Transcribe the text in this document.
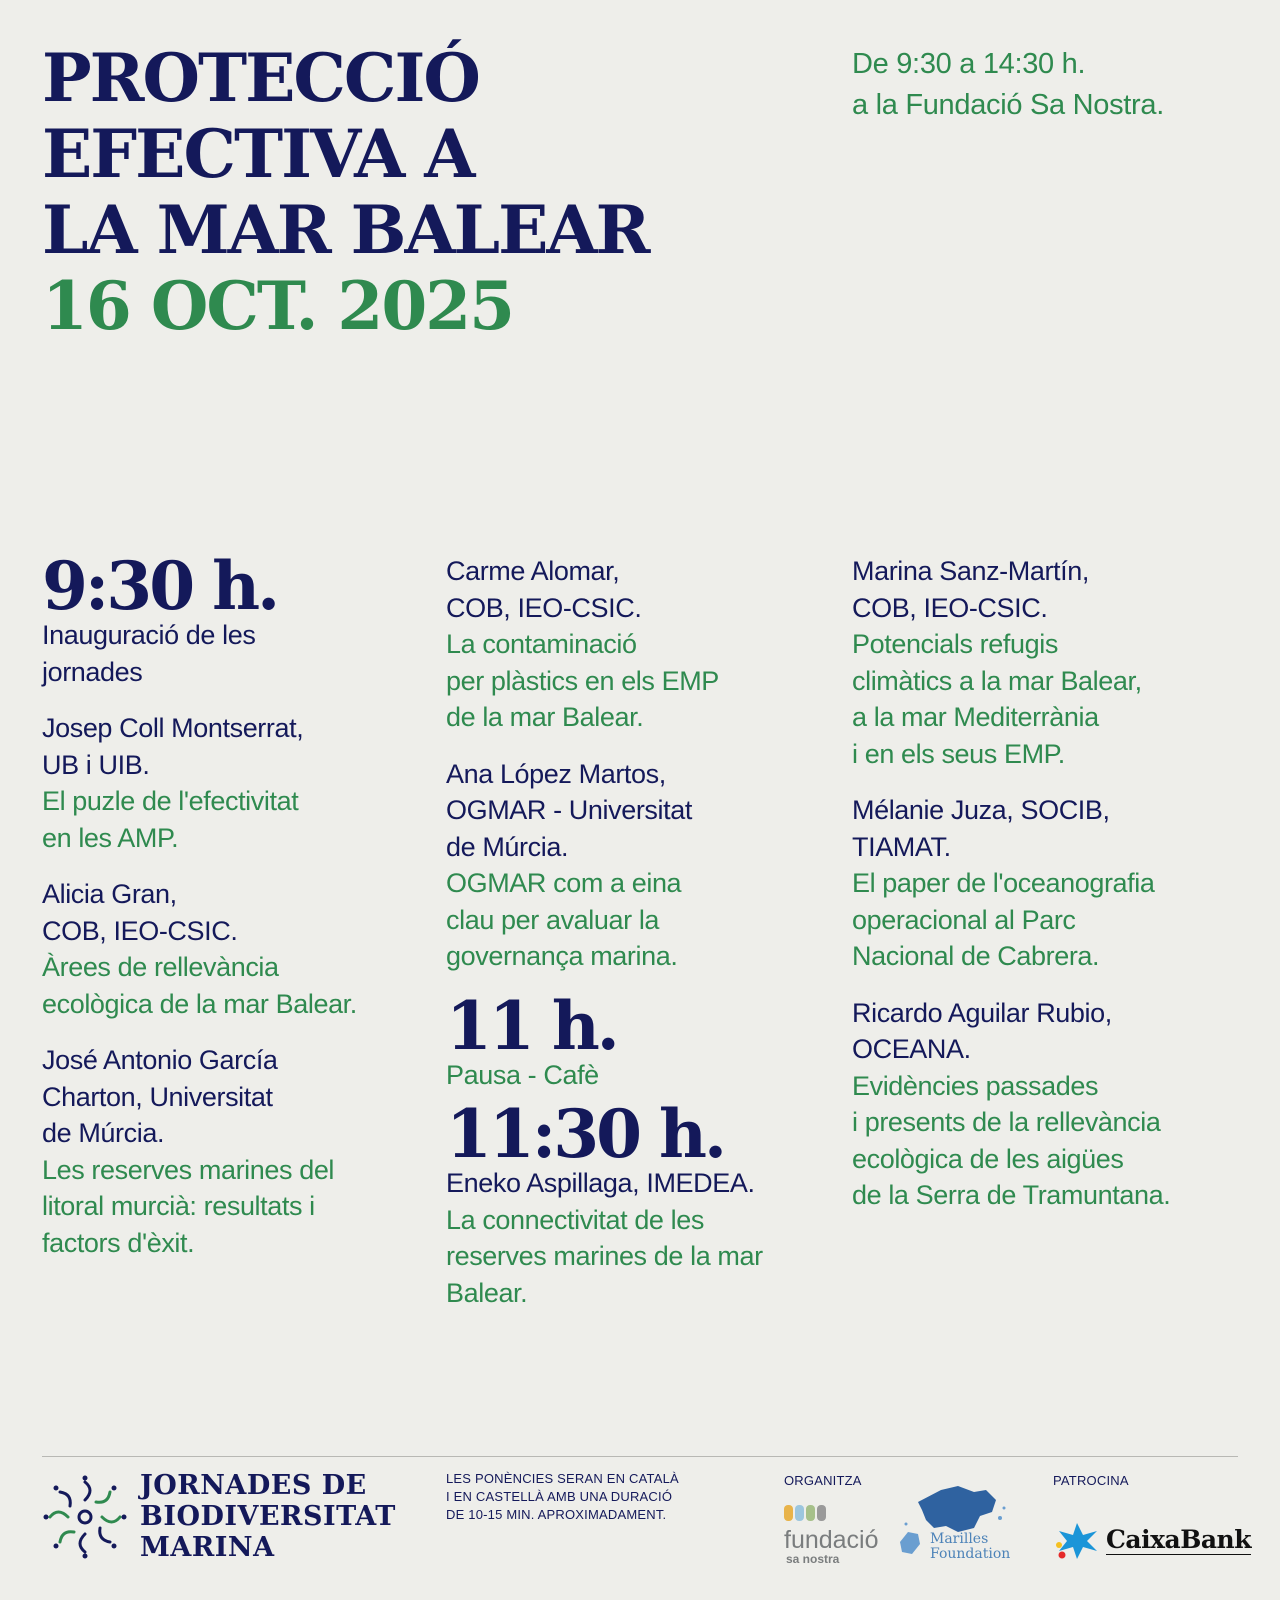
PROTECCIÓ
EFECTIVA A
LA MAR BALEAR
16 OCT. 2025
De 9:30 a 14:30 h.
a la Fundació Sa Nostra.
9:30 h.
Inauguració de les
jornades
Josep Coll Montserrat,
UB i UIB.
El puzle de l'efectivitat
en les AMP.
Alicia Gran,
COB, IEO-CSIC.
Àrees de rellevància
ecològica de la mar Balear.
José Antonio García
Charton, Universitat
de Múrcia.
Les reserves marines del
litoral murcià: resultats i
factors d'èxit.
Carme Alomar,
COB, IEO-CSIC.
La contaminació
per plàstics en els EMP
de la mar Balear.
Ana López Martos,
OGMAR - Universitat
de Múrcia.
OGMAR com a eina
clau per avaluar la
governança marina.
11 h.
Pausa - Cafè
11:30 h.
Eneko Aspillaga, IMEDEA.
La connectivitat de les
reserves marines de la mar
Balear.
Marina Sanz-Martín,
COB, IEO-CSIC.
Potencials refugis
climàtics a la mar Balear,
a la mar Mediterrània
i en els seus EMP.
Mélanie Juza, SOCIB,
TIAMAT.
El paper de l'oceanografia
operacional al Parc
Nacional de Cabrera.
Ricardo Aguilar Rubio,
OCEANA.
Evidències passades
i presents de la rellevància
ecològica de les aigües
de la Serra de Tramuntana.
JORNADES DE
BIODIVERSITAT
MARINA
LES PONÈNCIES SERAN EN CATALÀ
I EN CASTELLÀ AMB UNA DURACIÓ
DE 10-15 MIN. APROXIMADAMENT.
ORGANITZA	PATROCINA
fundació
sa nostra
Marilles
Foundation	CaixaBank
